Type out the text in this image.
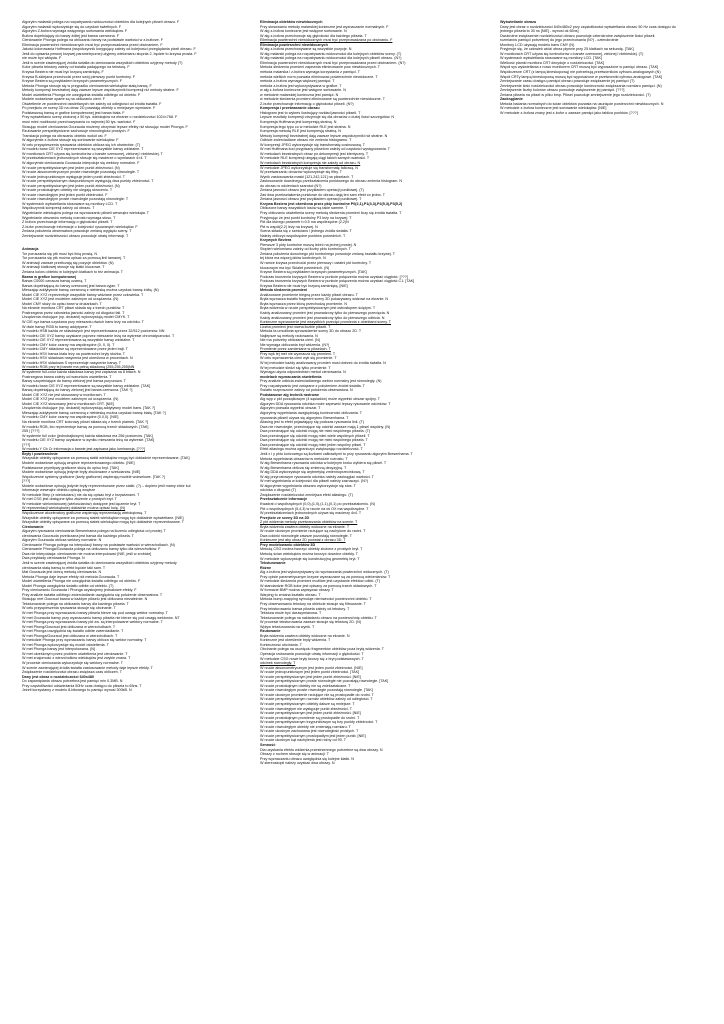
Algorytm malarski polega na rozpatrywaniu widoczności obiektów dla kolejnych pikseli obrazu. F
Algorytm malarski wykorzystuje się do uzyskań świetlnych. F
Algorytm Z-bufora wymaga wstępnego sortowania wielokątów. F
Bufora dopełniający do barwy żółtej jest barwa czerwona. F
Cieniowanie Phonga polega na obliczaniu barwy na podstawie wartości w z-buforze. F
Eliminacja powierzchni niewidocznych musi być przeprowadzana przed obcinaniem. F
Jakość kolorowania Hoffmana (współczynnik korygujący zależy od kolejności przeglądania pixeli obrazu. F
Jeśli do opisania pewnej krzywej parametrycznej użyjemy wielomianu stopnia 2, będzie to krzywa prosta. F
nie może być wklęsła. F
Jeśli w scenie zawierającej źródła światła do cieniowania wszystkich obiektów użyjemy metody (T)
Kolor piksela tekstury zależy od światła padającego na teksturę. F
Krzywa Beziera nie musi być krzywą zamkniętą. F
Krzywa B-sklejana przechodzi przez swój pierwszy punkt kontrolny. F
Krzywe Beziera są przykładem krzywych parametrycznych. F
Metoda Phonga stosuje się w przypadku cieniowania wielokątów stałą barwą. F
Metody kompresji bezstratnej dają zawsze lepsze współczynniki kompresji niż metody stratne. F
Model oświetlenia Phonga nie uwzględnia światła odbitego od obiektu. F
Modele wokselowe oparte są na obliczaniu cieni. F
Oświetlenie ze powierzchni oświetlanych nie zależy od odległości od źródła światła. F
Po przejściu ze sceny 3D na obraz 2D powstają obiekty o mniejszym wymiarze. F
Podstawową barwą w grafice komputerowej jest barwa biała. F
Przy wyświetlaniu sceny złożonej z 50 tys. wielokątów na ekranie o rozdzielczości 1024×768. F
musi mieć możliwość przechowywania co najmniej 50 tys. wartości. F
Stosując model cieniowania Gourauda możemy otrzymać lepsze efekty niż stosując model Phonga. F
Rzutowanie perspektywiczne zachowuje równoległość prostych. F
Translacja polega na obracaniu obiektu wokół osi. F
W algorytmie z-bufora stosuje się sortowanie wielokątów. F
W celu przyspieszenia rysowania obiektów oblicza się ich obwiednie. (T)
W modelu barw CIE XYZ reprezentowane są wszystkie barwy widzialne. T
W monitorach CRT używa się luminoforów o barwie czerwonej, zielonej i niebieskiej. T
W przekształceniach jednorodnych stosuje się macierze o wymiarach 4×4. T
W algorytmie cieniowania Gourauda interpoluje się wektory normalne. F
W rzucie perspektywicznym jest jeden punkt zbieżności. (N)
W rzucie aksonometrycznym proste równoległe pozostają równoległe. T
W rzucie jednopunktowym występuje jeden punkt zbieżności. T
W rzucie perspektywicznym dwupunktowym występują dwa punkty zbieżności. T
W rzucie perspektywicznym jest jeden punkt zbieżności. (N)
W rzucie prostokątnym obiekty nie ulegają skróceniu. T
W rzucie równoległym jest jeden punkt zbieżności. F
W rzucie równoległym proste równoległe pozostają równoległe. T
W systemach wyświetlania stosowane są monitory LCD. T
Współczynnik kompresji zależy od obrazu. T
Wypełnianie wielokątów polega na wyznaczaniu pikseli wewnątrz wielokąta. T
Wypełnianie obszarów metodą rozrostu wymaga stosu. T
Z bufora przechowuje informację o głębokości pikseli. T
Z-bufor przechowuje informacje o kolejności rysowanych wielokątów. F
Zmiana położenia obserwatora powoduje zmianę wyglądu sceny. T
Zmniejszanie rozdzielczości obrazu powoduje utratę informacji. T
Animacja
Tor poruszania się ptk musi być linią prostą. N
Tor poruszania się ptk można opisać za pomocą linii łamanej. T
W animacji zawsze przeliczają się pozycje obiektów. (N)
W animacji klatkowej stosuje się klatki kluczowe. T
Zmiana koloru obiektu w kolejnych klatkach to też animacja. T
Barwa w grafice komputerowej
Barwa C0000 oznacza barwę czarną. T
Barwa dopełniającą do barwy czerwonej jest barwa cyjan. T
Mieszając addytywnie barwę czerwoną z niebieską można uzyskać barwę żółtą. (N)
Model CIE XYZ reprezentuje wszystkie barwy widziane przez człowieka. T
Model CIE XYZ jest modelem zależnym od urządzenia. (N)
Model CMY służy do opisu barw w drukarkach. T
Na ekranie monitora CRT piksel składa się z trzech punktów. T
Postrzegana przez człowieka jasność zależy od długości fali. T
Urządzenia drukujące (np. drukarki) wykorzystują model CMYK. T
W CIE xyz barwa uzyskana przy mieszaniu dwóch barw leży na odcinku. T
W dwie barwy RGB to barwy addytywne. T
W modelu HSB każda ze składowych jest reprezentowana przez 32/512 poziomów. NN
W modelu CIE XYZ barwy uzyskane poprzez mieszanie leżą na wykresie chromatyczności. T
W modelu CIE XYZ reprezentowana są wszystkie barwy widzialne. T
W modelu CMY kolor czarny ma współrzędne (0, 0, 0). T
W modelu CMY składowe są reprezentowane przez jeden bajt. T
W modelu HSV barwa biała leży na powierzchni bryły stożka. T
W modelu HSV składowa nasycenia jest określona w procentach. N
W modelu HSV składowa S reprezentuje nasycenie barwy. T
W modelu RGB przy tej barwie ma pełną składową (255,255,255)NN
W systemie full-color każda składowa barwy jest zapisana na 8 bitach. N
Postrzegana barwa zależy od warunków oświetlenia. T
Barwy uzupełniające do barwy zielonej jest barwa purpurowa. T
W modelu barw CIE XYZ reprezentowane są wszystkie barwy widzialne. [TAK]
Barwą dopełniającą do barwy zielonej jest barwa czerwona. [TAK ?]
Model CIE XYZ nie jest stosowany w monitorach. T
Model CIE XYZ jest modelem zależnym od urządzenia. (N)
Model CIE XYZ stosowany jest w monitorach CRT. [NIE]
Urządzenia drukujące (np. drukarki) wykorzystują addytywny model barw. [TAK ?]
Mieszając addytywnie barwę czerwoną z niebieską można uzyskać barwę białą. [TAK ?]
W modelu CMY kolor czarny ma współrzędne (0,0,0). [NIE]
Na ekranie monitora CRT kolorowy piksel składa się z trzech plamek. [TAK ?]
W modelu RGB, kto reprezentuje barwę za pomocą trzech składowych. [TAK]
255 | [???]
W systemie full color (jednobajtowym) każda składowa ma 256 poziomów. [TAK]
W modelu CIE XYZ barwy uzyskane w wyniku mieszania leżą na wykresie. [TAK]
[???]
W modelu Y Cb Cr informacja o barwie jest zapisana jako luminancja. [???]
Bryły i powierzchnie
Wszystkie obiekty opisywane za pomocą siatki wielokątów mogą być dokładnie reprezentowane. [TAK]
Modele wokselowe opisują wnętrze reprezentowanego obiektu. [NIE]
Podstawowe prymitywy graficzne służą do opisu brył. [TAK]
Modele wokselowe opisują jedynie bryły zbudowane z sześcianów. [NIE]
Wspólczesne systemy graficzne (karty graficzne) wspierają modele wokselowe. [TAK ?]
[???]
Modele wokselowe opisują jedynie bryły reprezentowane przez siatki. (?) – dopiero jeśli mamy zbiór kul
informacje wewnątrz obiektu opisują wnętrze
W metodzie Brep (z wielościanu) nie da się opisać brył z krzywiznami. T
W met CSG jest dostępne tylko złożenie z prostych brył. T
W metodzie wielomianowej (wielościanów) dostępne jest łączenie brył. T
W reprezentacji wielokątowej dokładnie można opisać kulę. (N)
Wspólczesne akceleratory graficzne wspierają reprezentację wielokątową. T
Wszystkie obiekty opisywane za pomocą siatek wielokątów mogą być dokładnie wyświetlane. [NIE]
Wszystkie obiekty opisywane za pomocą siatek wielokątów mogą być dokładnie reprezentowane. T
Cieniowanie
Algorytm rysowania cieniowania Bresenhama polega na liczeniu odległości od prostej. T
cieniowania Gourauda przeliczana jest barwa dla każdego piksela. T
Algorytm Gourauda oblicza wektory normalne. N
Cieniowanie Phonga polega na interpolacji barwy na podstawie wartości w wierzchołkach. (N)
Cieniowanie Phonga/Gourauda polega na obliczaniu barwy tylko dla wierzchołków. F
Dwa nie interpolacja: cieniowanie nie można interpolować [NIE, jeśli w zrobicie]
Dwa przykłady cieniowania Phonga. N
Jeśli w scenie zawierającej źródła światła do cieniowania wszystkich obiektów użyjemy metody
cieniowania stałą barwą to efekt będzie taki sam. T
Mat Gourauda jest dobrą metodą cieniowania. N
Metoda Phonga daje lepsze efekty niż metoda Gourauda. T
Model oświetlenia Phonga nie uwzględnia światła odbitego od obiektu. F
Model Phonga uwzględnia światło odbite od obiektu. (T)
Przy cieniowaniu Gourauda i Phonga uzyskujemy jednakowe efekty. F
Przy analizie światła odbitego zwierciadlanie uwzględnia się położenie obserwatora. T
Stosując met Gouraud barwa w każdym pikselu jest obliczana niezależnie. N
Teksturowanie polega na obliczaniu barwy dla każdego piksela. T
W celu przyspieszenia rysowania stosuje się obcinanie. T
W met Phonga przy wyznaczaniu barwy piksela bierze się pod uwagę wektor normalny. T
W met Gourauda barwy przy wyznaczaniu barwy piksela nie bierze się pod uwagę wektorów. NT
W met Phonga przy wyznaczaniu barwy pkt zw. są interpolowane wektory normalne. T
W met Phong/Gouraud jest obliczana w wierzchołkach. T
W met Phonga uwzględnia się światło odbite zwierciadlanie. T
W met Phonga/Gouraud jest obliczana w wierzchołkach. T
W metodzie Phonga przy wyznaczaniu barwy oblicza się wektor normalny. T
W met Phonga wykorzystuje się model oświetlenia. T
W met Phonga barwy jest interpolowana. (N)
W met określonym przez problem oświetlenia jest cieniowanie. T
W met znajomość z wierzchołków wielokątów jest zwykle znana. T
W procesie cieniowania wykorzystuje się wektory normalne. T
W scenie zawierającej źródła światła zastosowanie metody daje lepsze efekty. T
Zwiększenie rozdzielczości obrazu zwiększa czas obliczeń. T
Dany jest obraz o rozdzielczości 640x480
Do zapamiętania obrazu potrzebna jest pamięć min 0.3MB. N
Przy częstotliwości odświeżania 50Hz czas dostępu do piksela to 65ns. T
Jeżeli korzystamy z modelu 8-bitowego to pamięć wynosi 300kB. N
Eliminacja obiektów niewidocznych
Przy stosowaniu metody malarskiej konieczne jest wyznaczanie normalnych. F
W alg z-bufora konieczne jest wstępne sortowanie. N
W alg z-bufora przechowuje się głębokość dla każdego piksela. T
Eliminacja powierzchni niewidocznych musi być przeprowadzana po obcinaniu. F
Eliminacja powierzchni niewidocznych
W alg z-bufora przechowywane są wszystkie pozycje. N
W alg malarski polega na rozpatrywaniu widoczności dla kolejnych obiektów sceny. (T)
W alg malarski polega na rozpatrywaniu widoczności dla kolejnych pikseli obrazu. (N?)
Eliminacja powierzchni niewidocznych musi być przeprowadzana przed obcinaniem. (N?)
Metoda śledzenia promieni zapewnia eliminowanie pow niewidocznych. T
metoda malarska i z-bufora wymaga korzystania z pamięci. T
metoda wielkich norm pozwala eliminować powierzchnie niewidoczne. T
metoda z-bufora wymaga większej pamięci. T
metoda z-bufora jest wykorzystywana w grafice. T
w alg z-bufora konieczne jest wstępne sortowanie. N
w metodzie malarskiej konieczna jest pamięć. N
w metodzie śledzenia promieni eliminowane są powierzchnie niewidoczne. T
Z-bufor przechowuje informację o głębokości pikseli. (N?)
Kompresja i przetwarzanie obrazu
Histogram jest to wykres ilustrujący rozkład jasności pikseli. T
Lepsze rezultaty kompresji otrzymuje się dla obrazów o dużej ilości szczegółów. N
Kompresja Huffmana jest kompresją stratną. N
Kompresja tego typu co w metodzie RLE jest stratna. N
Kompresja metodą RLE jest kompresją stratną. N
Metody kompresji bezstratnej dają zawsze lepsze współczynniki niż stratne. N
Odbicie zwierciadlane obrazu nie zmienia histogramu. T
W kompresji JPEG wykorzystuje się transformatę cosinusową. T
W met Huffmana kod przypisany pikselom zależy od częstości występowania. T
W metodach bezstratnych obraz po dekompresji jest identyczny. T
W metodzie RLE kompresji ulegają ciągi takich samych wartości. T
W metodach bezstratnych kompresja nie zależy od obrazu. N
W metodzie JPEG wykorzystuje się transformatę falkową. N
W przetwarzaniu obrazów wykorzystuje się filtry. T
Wynik zastosowania maski [121,242,121] na pikselach. T
Zastosowanie dowolnego przekształcenia punktowego do obrazu zmienia histogram. N
do obrazu w odcieniach szarości (N?)
Zmiana jasności obrazu jest przykładem operacji punktowej. (T)
Zaś dwa przekształcenia punktowe do obrazu dają ten sam efekt co jedno. T
Zmiana jasności obrazu jest przykładem operacji punktowej. T
Krzywa Beziera jest określona przez pkty kontrolne P0(2,1),P1(3,3),P2(5,3),P3(5,2)
Obliczone barwy wszystkich losów są takie samme. T
Przy obliczaniu oświetlenia sceny metodą śledzenia promieni liczy się źródła światła. T
Przyjmując że jest punkt kontrolny P3 leży na krzywej. T
Pkt dla którego parametr t=0.5 ma współrzędne (2,2)N
Pkt w współ(2,2) leży na krzywej. N
Scena składa się z sześcianu i jednego źródła światła. T
Należy obliczyć współrzędne punktów pośrednich. T
Krzywych Beziera
Pierwsze 3 pkty kontrolne muszą leżeć na jednej prostej. N
Stopień wielomianu zależy od liczby pktu kontrolnych. T
Zmiana położenia dowolnego pkt kontrolnego powoduje zmianę kształtu krzywej. T
tej która ma więcej pktów kontrolnych. N
W ramce krzywa przechodzi przez pierwszy i ostatni pkt kontrolny. T
kluczowym ma być Sklalet pośrednich. (N)
Krzywe Beziera są przykładem krzywych parametrycznych. [TAK]
Podczas tworzenia krzywych Beziera w punkcie połączenia można uzyskać ciągłość. [???]
Podczas tworzenia krzywych Beziera w punkcie połączenia można uzyskać ciągłość C1. [TAK]
Krzywa Beziera nie musi być krzywą zamkniętą. [NIE]
Metoda śledzenia promieni
Analizowane promienie biegną przez każdy piksel obrazu. T
Bryła wyznacza światło fragment sceny 3D pokazywany widzowi na ekranie. N
Bryła wyznacza przez którą przechodzą promienie. N
Bryła widzenia w rzucie perspektywicznym jest ostrosłupem ściętym. T
Każdy analizowany promień jest prowadzony tylko do pierwszego przecięcia. N
Każdy analizowany promień jest prowadzony tylko do pierwszego odbicia. N
Konieczne wyznaczenie jest wszystkich przecięć promienia z obiektami sceny. T
Liczba promieni jest równa liczbie pikseli. T
Metoda ta umożliwia sprowadzenie sceny 3D do obrazu 2D. T
Najlepsze są metody rzutowania. N
Nie ma potrzeby obliczania cieni. (N)
Nie wymaga obliczania brył widzenia. (N?)
Promienie przez zamieniane w pikselach. T
Przy wyk tej met nie wyznacza się promieni. T
W celu wyznaczenia cieni wyk się promienie. T
W tej metodzie każdy analizowany promień musi dotrzeć do źródła światła. N
W tej metodzie śledzi się tylko promienie. T
Wymaga użycia odpowiednich metod cieniowania. N
modelach wyznaczania oświetlenia
Przy analizie odbicia zwierciadlanego wektor normalny jest równoległy. (N)
Przy rozpatrywaniu jest związane z położeniem źródeł światła. T
Światło rozproszone zależy od położenia obserwatora. N
Podstawowe alg technik rastrowe
Alg wyp z pkt początkowym (4 sąsiadów) może wypełnić obszar spójny. T
Algorytm DDA rysowania odcinka może zapewnić lepszy rysowanie odcinków. T
Algorytm pozwala wypełnić obszar. T
Algorytmy wypełniania uwzględniają konieczność obliczania. T
rysowania pikseli używa się algorytmu Bresenhama. T
Aliasing jest to efekt pojawiający się podczas rysowania linii. (T)
Dwa nie równoległe, przecinające się odcinki zawsze mają 1 piksel wspólny. (N)
Dwa przecinające się odcinki mogą nie mieć wspólnego piksela. (T)
Dwa przecinające się odcinki mogą mieć wiele wspólnych pikseli. T
Dwa przecinające się odcinki mogą nie mieć wspólnego piksela. T
Dwa przecinające się odcinki mogą mieć jeden wspólny piksel. T
Efekt aliasingu można ograniczyć zwiększając rozdzielczość. T
Jeśli x i y pktu końcowego są liczbami całkowitymi to przy rysowaniu algorytm Bresenhama. T
Metoda wypełniania obszarów w metodzie rozrostu. T
W alg Bresenhama rysowania odcinka w kolejnym kroku wybiera się piksel. T
W alg Bresenhama oblicza się zmienną decyzyjną. T
W alg DDA wykorzystuje się arytmetykę zmiennoprzecinkową. T
W alg przyrostowym rysowania odcinka należy zaokrąglać wartości. T
W met wypełniania w kolejności dla pikseli należy zaznaczyć. (N?)
W algorytmie wypełniania obszaru wykorzystuje się stos. T
odcinka o długości (T)
Zwiększenie rozdzielczości zmniejsza efekt aliasingu. (T)
Przekształcenie informacje
Kwadrat o współrzędnych (0,0),(1,0),(1,1),(0,1) po przekształceniu. (N)
Pkt o współrzędnych (5,4,3) w rzucie na oś OX ma współrzędne. T
W przekształceniach jednorodnych używa się macierzy 4x4. T
Przejście ze sceny 3D na 2D
Z pkt widzenia metody przetwarzania obiektów na scenie. T
Bryła widzenia zawiera obiekty widoczne na ekranie. T
W rzucie ukośnym promienie rzutujące są nachylone do rzutni. T
Dwa odcinki równoległe zawsze pozostają równoległe. T
Konieczne jest aby obraz 2D powstał z obrazu 3D. T
Przy modelowaniu obiektów 3D
Metodą CSG można tworzyć obiekty złożone z prostych brył. T
Metodą ścian wielokątów można tworzyć dowolne obiekty. T
W metodzie wykorzystuje się konstrukcyjną geometrię brył. T
Teksturowanie
Różne
Alg z-bufora jest wykorzystywany do wyznaczania powierzchni widocznych. (T)
Przy opisie parametrycznym krzywe wyznaczane są za pomocą wielomianów. T
W metodzie śledzenia promieni możliwe jest uzyskanie efektów odbić. (T)
W standardzie RGB kolor jest opisany za pomocą trzech składowych. T
W formacie BMP można zapisywać obrazy. T
Warping to zmiana kształtu obrazu. T
Metoda bump-mapping symuluje nierówności powierzchni obiektu. T
Przy obserwowaniu tekstury na obiekcie stosuje się filtrowanie. T
Przy teksturowaniu barwa piksela zależy od tekstury. T
Tekstura może być dwuwymiarowa. T
Teksturowanie polega na nakładaniu obrazu na powierzchnię obiektu. T
W procesie teksturowania zawsze stosuje się teksturę 2D. (N)
Wpływ teksturowania na wynik. T
Rzutowanie
Bryła widzenia zawiera obiekty widoczne na ekranie. N
Konieczne jest określenie bryły widzenia. T
Konieczność obcinania. T
Obcinanie polega na usunięciu fragmentów obiektów poza bryłą widzenia. T
Operacja rzutowania powoduje utratę informacji o głębokości. T
W metodzie CSG nowe bryły tworzy się z brył podstawowych. T
odcinek równoległy. T
W rzucie aksonometrycznym jest jeden punkt zbieżności. [NIE]
W rzucie jednopunktowym jest jeden punkt zbieżności. [TAK]
W rzucie perspektywicznym jest jeden punkt zbieżności. [NIE]
W rzucie perspektywicznym proste równoległe nie pozostają równoległe. [TAK]
W rzucie prostokątnym obiekty nie są zniekształcane. T
W rzucie równoległym proste równoległe pozostają równoległe. [TAK]
W rzucie ukośnym promienie rzutujące nie są prostopadłe do rzutni. T
W rzucie perspektywicznym rozmiar obiektów zależy od odległości. T
W rzucie perspektywicznym obiekty dalsze są mniejsze. T
W rzucie równoległym nie występuje punkt zbieżności. T
W rzucie perspektywicznym jest jeden punkt zbieżności. [NIE]
W rzucie prostokątnym promienie są prostopadłe do rzutni. T
W rzucie perspektywicznym trzypunktowym są trzy punkty zbieżności. T
W rzucie równoległym obiekty nie zmieniają rozmiaru. T
W rzucie ukośnym zachowana jest równoległość prostych. T
W rzucie perspektywicznym prostopadłym jest jeden punkt. [NIE]
W rzucie ukośnym kąt nachylenia jest różny od 90. T
Senność
Dla uzyskania efektu widzenia przestrzennego potrzebne są dwa obrazy. N
Obrazy z ruchem stosuje się w animacji. T
Przy wyznaczaniu obrazu uwzględnia się kolejne klatki. N
W stereoskopii należy uzyskać dwa obrazy. N
Wyświetlanie obrazu
Dany jest obraz o rozdzielczości 640x480x2 przy częstotliwości wyświetlania obrazu 50 Hz czas dostępu do
jednego piksela to 30 ns [NIE] - wynosi ok 65ns]
Dwukrotne zwiększenie rozdzielczości obrazu powoduje czterokrotne zwiększenie ilości pikseli.
rozmiarów pamięci potrzebnej do jego przechowania (N?) - czterokrotnie
Monitory LCD używają modelu barw CMY (N)
Przyjmuje się, że człowiek widzi obraz płynnie przy 25 klatkach na sekundę. [TAK]
W monitorach CRT używa się luminoforów o barwie czerwonej, zielonej i niebieskiej. (T)
W systemach wyświetlania stosowane są monitory LCD. [TAK]
Wielkość plamki monitora CRT decyduje o rozdzielczości. [TAK]
Współ sys wyświetlania z nowo monitorem CRT muszą być wyposażone w pamięć obrazu. [TAK]
Współczesne CRT (z lampą kineskopową) nie potrzebują przetworników cyfrowo-analogowych (N)
Współ CRTy lampą kineskopową muszą być wyposażone w przetworniki cyfrowo-analogowe. [TAK]
Zmniejszanie czasu dostępu pamięci obrazu powoduje zwiększenie jej pamięci (T)
Zmniejszenie ilość rozdzielczości obrazu powoduje konieczność zwiększania rozmiaru pamięci. (N)
Zmniejszenie liczby kolorów obrazu powoduje zwiększenie jej pamięci. [???]
Zmiana piksela na piksel w pliku bmp. Piksel powoduje zmniejszenie jego rozdzielczości. (T)
Zaokrąglanie
Metoda badania normalnych do ścian obiektów pozwala na usunięcie powierzchni niewidocznych. N
W metodzie z-bufora konieczne jest sortowanie wielokątów. [NIE]
W metodzie z-bufora znany jest z-bufor o zawsze pamięć jako tablica punktów. [???]
